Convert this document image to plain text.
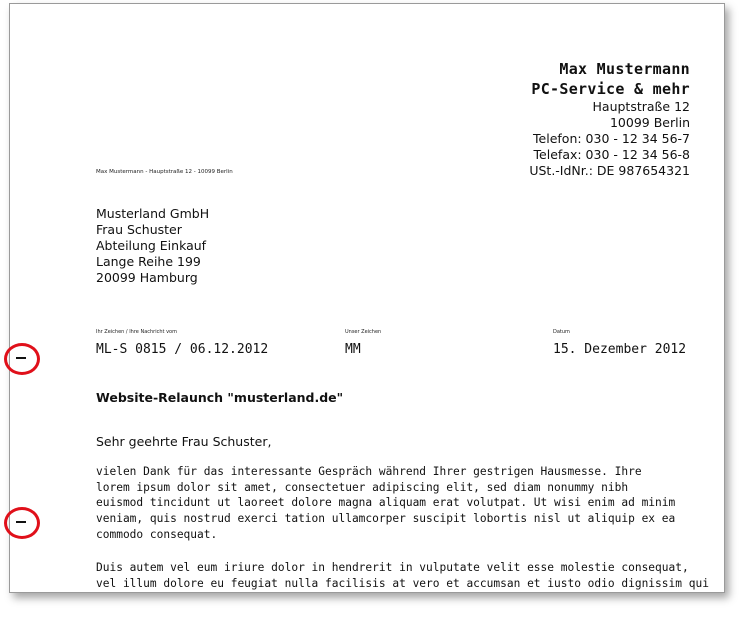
Max Mustermann
PC-Service & mehr
Hauptstraße 12
10099 Berlin
Telefon: 030 - 12 34 56-7
Telefax: 030 - 12 34 56-8
USt.-IdNr.: DE 987654321
Max Mustermann - Hauptstraße 12 - 10099 Berlin
Musterland GmbH
Frau Schuster
Abteilung Einkauf
Lange Reihe 199
20099 Hamburg
Ihr Zeichen / Ihre Nachricht vom
ML-S 0815 / 06.12.2012
Unser Zeichen
MM
Datum
15. Dezember 2012
Website-Relaunch "musterland.de"
Sehr geehrte Frau Schuster,
vielen Dank für das interessante Gespräch während Ihrer gestrigen Hausmesse. Ihre
lorem ipsum dolor sit amet, consectetuer adipiscing elit, sed diam nonummy nibh
euismod tincidunt ut laoreet dolore magna aliquam erat volutpat. Ut wisi enim ad minim
veniam, quis nostrud exerci tation ullamcorper suscipit lobortis nisl ut aliquip ex ea
commodo consequat.
Duis autem vel eum iriure dolor in hendrerit in vulputate velit esse molestie consequat,
vel illum dolore eu feugiat nulla facilisis at vero et accumsan et iusto odio dignissim qui
